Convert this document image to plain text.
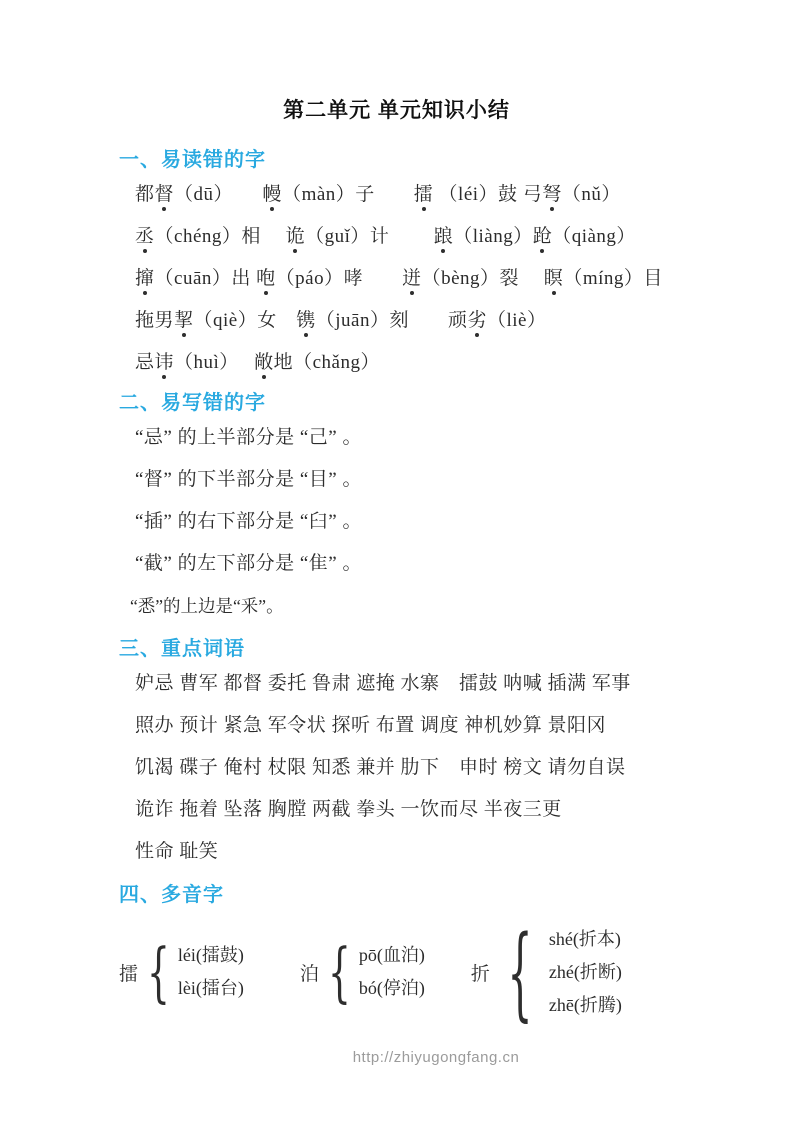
第二单元 单元知识小结
一、易读错的字

都督（dū）　　幔（màn）子　　擂 （léi）鼓 弓弩（nǔ）

丞（chéng）相　 诡（guǐ）计　　 踉（liàng）跄（qiàng）

撺（cuān）出 咆（páo）哮　　迸（bèng）裂　 瞑（míng）目

拖男挈（qiè）女　镌（juān）刻　　顽劣（liè）

忌讳（huì）　 敞地（chǎng）

二、易写错的字

“忌” 的上半部分是 “己” 。

“督” 的下半部分是 “目” 。

“插” 的右下部分是 “臼” 。

“截” 的左下部分是 “隹” 。

“悉”的上边是“釆”。

三、重点词语

妒忌 曹军 都督 委托 鲁肃 遮掩 水寨　擂鼓 呐喊 插满 军事

照办 预计 紧急 军令状 探听 布置 调度 神机妙算 景阳冈

饥渴 碟子 俺村 杖限 知悉 兼并 肋下　申时 榜文 请勿自误

诡诈 拖着 坠落 胸膛 两截 拳头 一饮而尽 半夜三更

性命 耻笑

四、多音字
擂 { léi(擂鼓)
lèi(擂台)
泊 { pō(血泊)
bó(停泊)
折 { shé(折本)
zhé(折断)
zhē(折腾)
http://zhiyugongfang.cn
